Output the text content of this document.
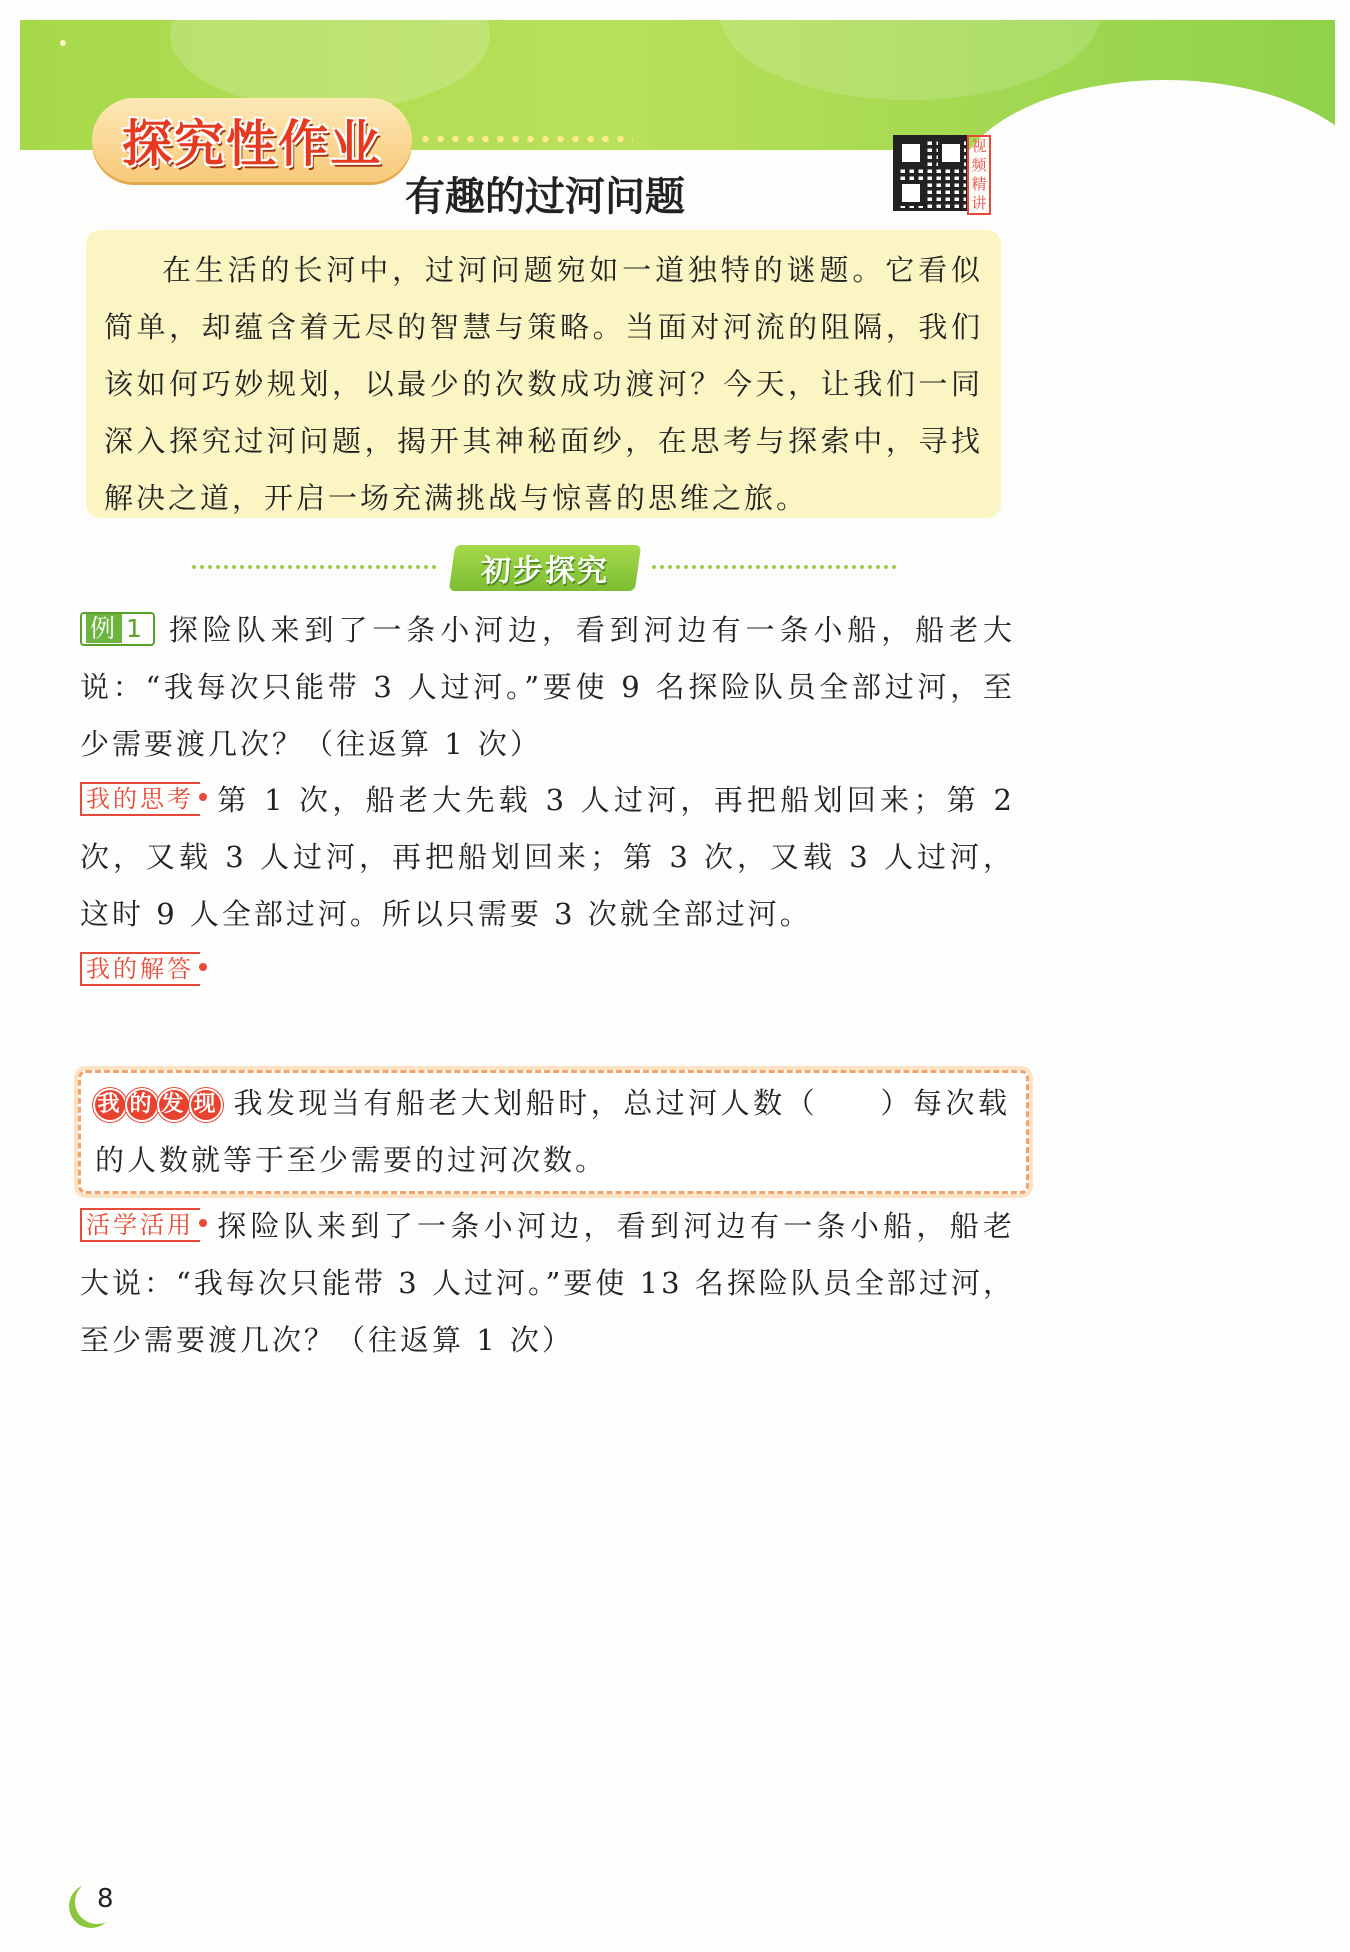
探究性作业	视频精讲
有趣的过河问题
在生活的长河中，过河问题宛如一道独特的谜题。它看似简单，却蕴含着无尽的智慧与策略。当面对河流的阻隔，我们该如何巧妙规划，以最少的次数成功渡河？今天，让我们一同深入探究过河问题，揭开其神秘面纱，在思考与探索中，寻找解决之道，开启一场充满挑战与惊喜的思维之旅。
初步探究
例 1 探险队来到了一条小河边，看到河边有一条小船，船老大说：“我每次只能带 3 人过河。”要使 9 名探险队员全部过河，至少需要渡几次？（往返算 1 次）
我的思考 第 1 次，船老大先载 3 人过河，再把船划回来；第 2 次，又载 3 人过河，再把船划回来；第 3 次，又载 3 人过河，这时 9 人全部过河。所以只需要 3 次就全部过河。
我的解答
我 的 发 现 我发现当有船老大划船时，总过河人数（ ）每次载的人数就等于至少需要的过河次数。
活学活用 探险队来到了一条小河边，看到河边有一条小船，船老大说：“我每次只能带 3 人过河。”要使 13 名探险队员全部过河，至少需要渡几次？（往返算 1 次）
8
